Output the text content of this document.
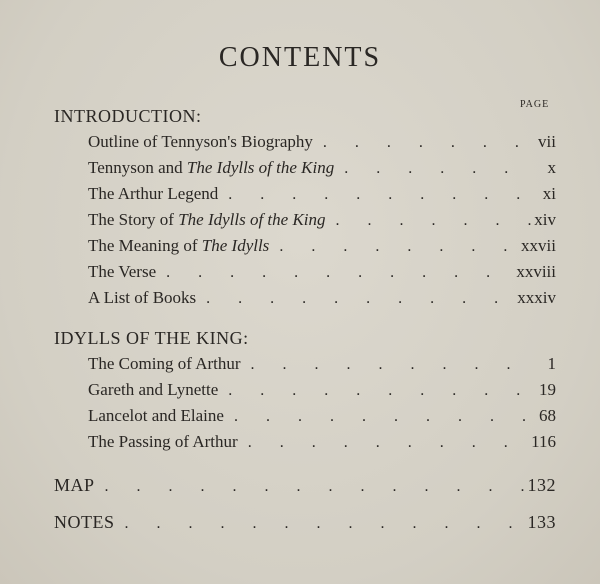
CONTENTS
PAGE
INTRODUCTION:
Outline of Tennyson's Biography . . .	vii
Tennyson and The Idylls of the King . . .	x
The Arthur Legend . . .	xi
The Story of The Idylls of the King . . .	xiv
The Meaning of The Idylls . . .	xxvii
The Verse . . .	xxviii
A List of Books . . .	xxxiv
IDYLLS OF THE KING:
The Coming of Arthur . . .	1
Gareth and Lynette . . .	19
Lancelot and Elaine . . .	68
The Passing of Arthur . . .	116
MAP . . .	132
NOTES . . .	133
